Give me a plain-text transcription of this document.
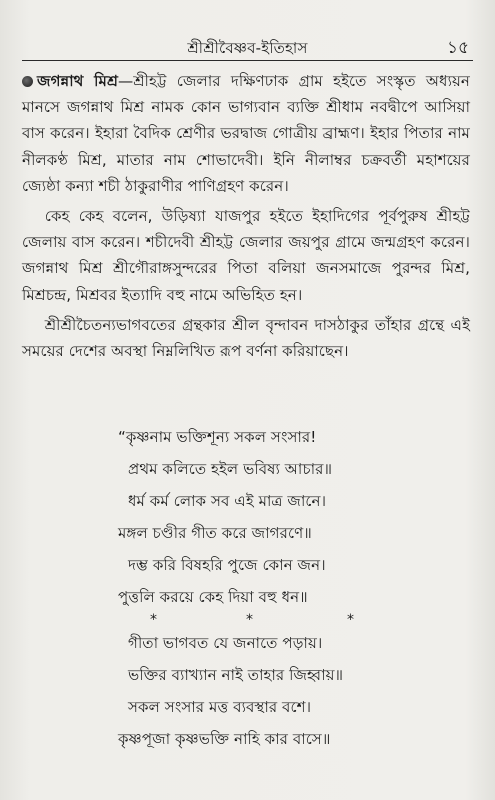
শ্রীশ্রীবৈষ্ণব-ইতিহাস	১৫

জগন্নাথ মিশ্র—শ্রীহট্ট জেলার দক্ষিণঢাক গ্রাম হইতে সংস্কৃত অধ্যয়ন মানসে জগন্নাথ মিশ্র নামক কোন ভাগ্যবান ব্যক্তি শ্রীধাম নবদ্বীপে আসিয়া বাস করেন। ইহারা বৈদিক শ্রেণীর ভরদ্বাজ গোত্রীয় ব্রাহ্মণ। ইহার পিতার নাম নীলকণ্ঠ মিশ্র, মাতার নাম শোভাদেবী। ইনি নীলাম্বর চক্রবর্তী মহাশয়ের জ্যেষ্ঠা কন্যা শচী ঠাকুরাণীর পাণিগ্রহণ করেন।

কেহ কেহ বলেন, উড়িষ্যা যাজপুর হইতে ইহাদিগের পূর্বপুরুষ শ্রীহট্ট জেলায় বাস করেন। শচীদেবী শ্রীহট্ট জেলার জয়পুর গ্রামে জন্মগ্রহণ করেন। জগন্নাথ মিশ্র শ্রীগৌরাঙ্গসুন্দরের পিতা বলিয়া জনসমাজে পুরন্দর মিশ্র, মিশ্রচন্দ্র, মিশ্রবর ইত্যাদি বহু নামে অভিহিত হন।

শ্রীশ্রীচৈতন্যভাগবতের গ্রন্থকার শ্রীল বৃন্দাবন দাসঠাকুর তাঁহার গ্রন্থে এই সময়ের দেশের অবস্থা নিম্নলিখিত রূপ বর্ণনা করিয়াছেন।

“কৃষ্ণনাম ভক্তিশূন্য সকল সংসার!
প্রথম কলিতে হইল ভবিষ্য আচার॥
ধর্ম কর্ম লোক সব এই মাত্র জানে।
মঙ্গল চণ্ডীর গীত করে জাগরণে॥
দম্ভ করি বিষহরি পুজে কোন জন।
পুত্তলি করয়ে কেহ দিয়া বহু ধন॥
*	*	*
গীতা ভাগবত যে জনাতে পড়ায়।
ভক্তির ব্যাখ্যান নাই তাহার জিহ্বায়॥
সকল সংসার মত্ত ব্যবস্থার বশে।
কৃষ্ণপূজা কৃষ্ণভক্তি নাহি কার বাসে॥
